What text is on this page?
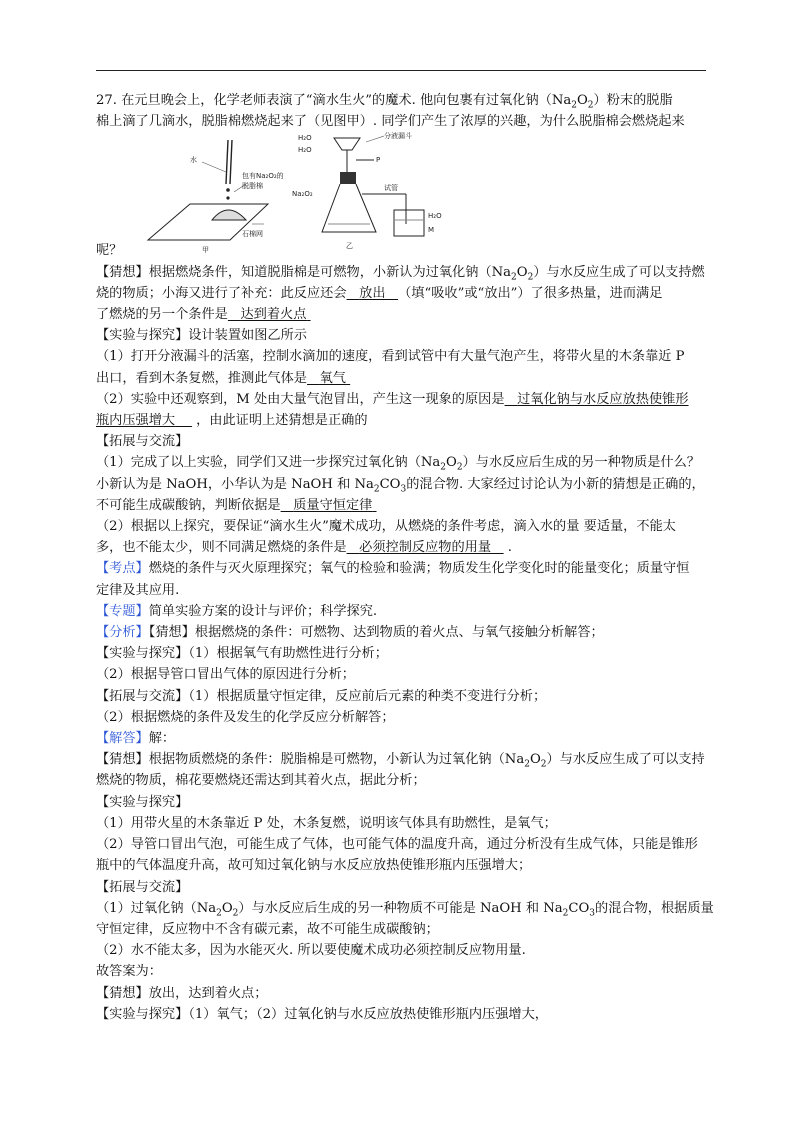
27. 在元旦晚会上，化学老师表演了“滴水生火”的魔术. 他向包裹有过氧化钠$(Na_2O_2)$粉末的脱脂
棉上滴了几滴水，脱脂棉燃烧起来了（见图甲）. 同学们产生了浓厚的兴趣，为什么脱脂棉会燃烧起来
水
包有Na₂O₂的
脱脂棉
石棉网
甲
H₂O
H₂O
分液漏斗
P
Na₂O₂
试管
H₂O
M
乙
呢？
【猜想】根据燃烧条件，知道脱脂棉是可燃物，小新认为过氧化钠$(Na_2O_2)$与水反应生成了可以支持燃
烧的物质；小海又进行了补充：此反应还会 放出 （填“吸收”或“放出”）了很多热量，进而满足
了燃烧的另一个条件是 达到着火点
【实验与探究】设计装置如图乙所示
（1）打开分液漏斗的活塞，控制水滴加的速度，看到试管中有大量气泡产生，将带火星的木条靠近 P
出口，看到木条复燃，推测此气体是 氧气
（2）实验中还观察到，M 处由大量气泡冒出，产生这一现象的原因是 过氧化钠与水反应放热使锥形
瓶内压强增大 ，由此证明上述猜想是正确的
【拓展与交流】
（1）完成了以上实验，同学们又进一步探究过氧化钠$(Na_2O_2)$与水反应后生成的另一种物质是什么？
小新认为是 NaOH，小华认为是 NaOH 和 $Na_2CO_3$的混合物. 大家经过讨论认为小新的猜想是正确的，
不可能生成碳酸钠，判断依据是 质量守恒定律
（2）根据以上探究，要保证“滴水生火”魔术成功，从燃烧的条件考虑，滴入水的量 要适量，不能太
多，也不能太少，则不同满足燃烧的条件是 必须控制反应物的用量 .
【考点】燃烧的条件与灭火原理探究；氧气的检验和验满；物质发生化学变化时的能量变化；质量守恒
定律及其应用.
【专题】简单实验方案的设计与评价；科学探究.
【分析】【猜想】根据燃烧的条件：可燃物、达到物质的着火点、与氧气接触分析解答；
【实验与探究】（1）根据氧气有助燃性进行分析；
（2）根据导管口冒出气体的原因进行分析；
【拓展与交流】（1）根据质量守恒定律，反应前后元素的种类不变进行分析；
（2）根据燃烧的条件及发生的化学反应分析解答；
【解答】解：
【猜想】根据物质燃烧的条件：脱脂棉是可燃物，小新认为过氧化钠$(Na_2O_2)$与水反应生成了可以支持
燃烧的物质，棉花要燃烧还需达到其着火点，据此分析；
【实验与探究】
（1）用带火星的木条靠近 P 处，木条复燃，说明该气体具有助燃性，是氧气；
（2）导管口冒出气泡，可能生成了气体，也可能气体的温度升高，通过分析没有生成气体，只能是锥形
瓶中的气体温度升高，故可知过氧化钠与水反应放热使锥形瓶内压强增大；
【拓展与交流】
（1）过氧化钠$(Na_2O_2)$与水反应后生成的另一种物质不可能是 NaOH 和 $Na_2CO_3$的混合物，根据质量
守恒定律，反应物中不含有碳元素，故不可能生成碳酸钠；
（2）水不能太多，因为水能灭火. 所以要使魔术成功必须控制反应物用量.
故答案为：
【猜想】放出，达到着火点；
【实验与探究】（1）氧气；（2）过氧化钠与水反应放热使锥形瓶内压强增大，
